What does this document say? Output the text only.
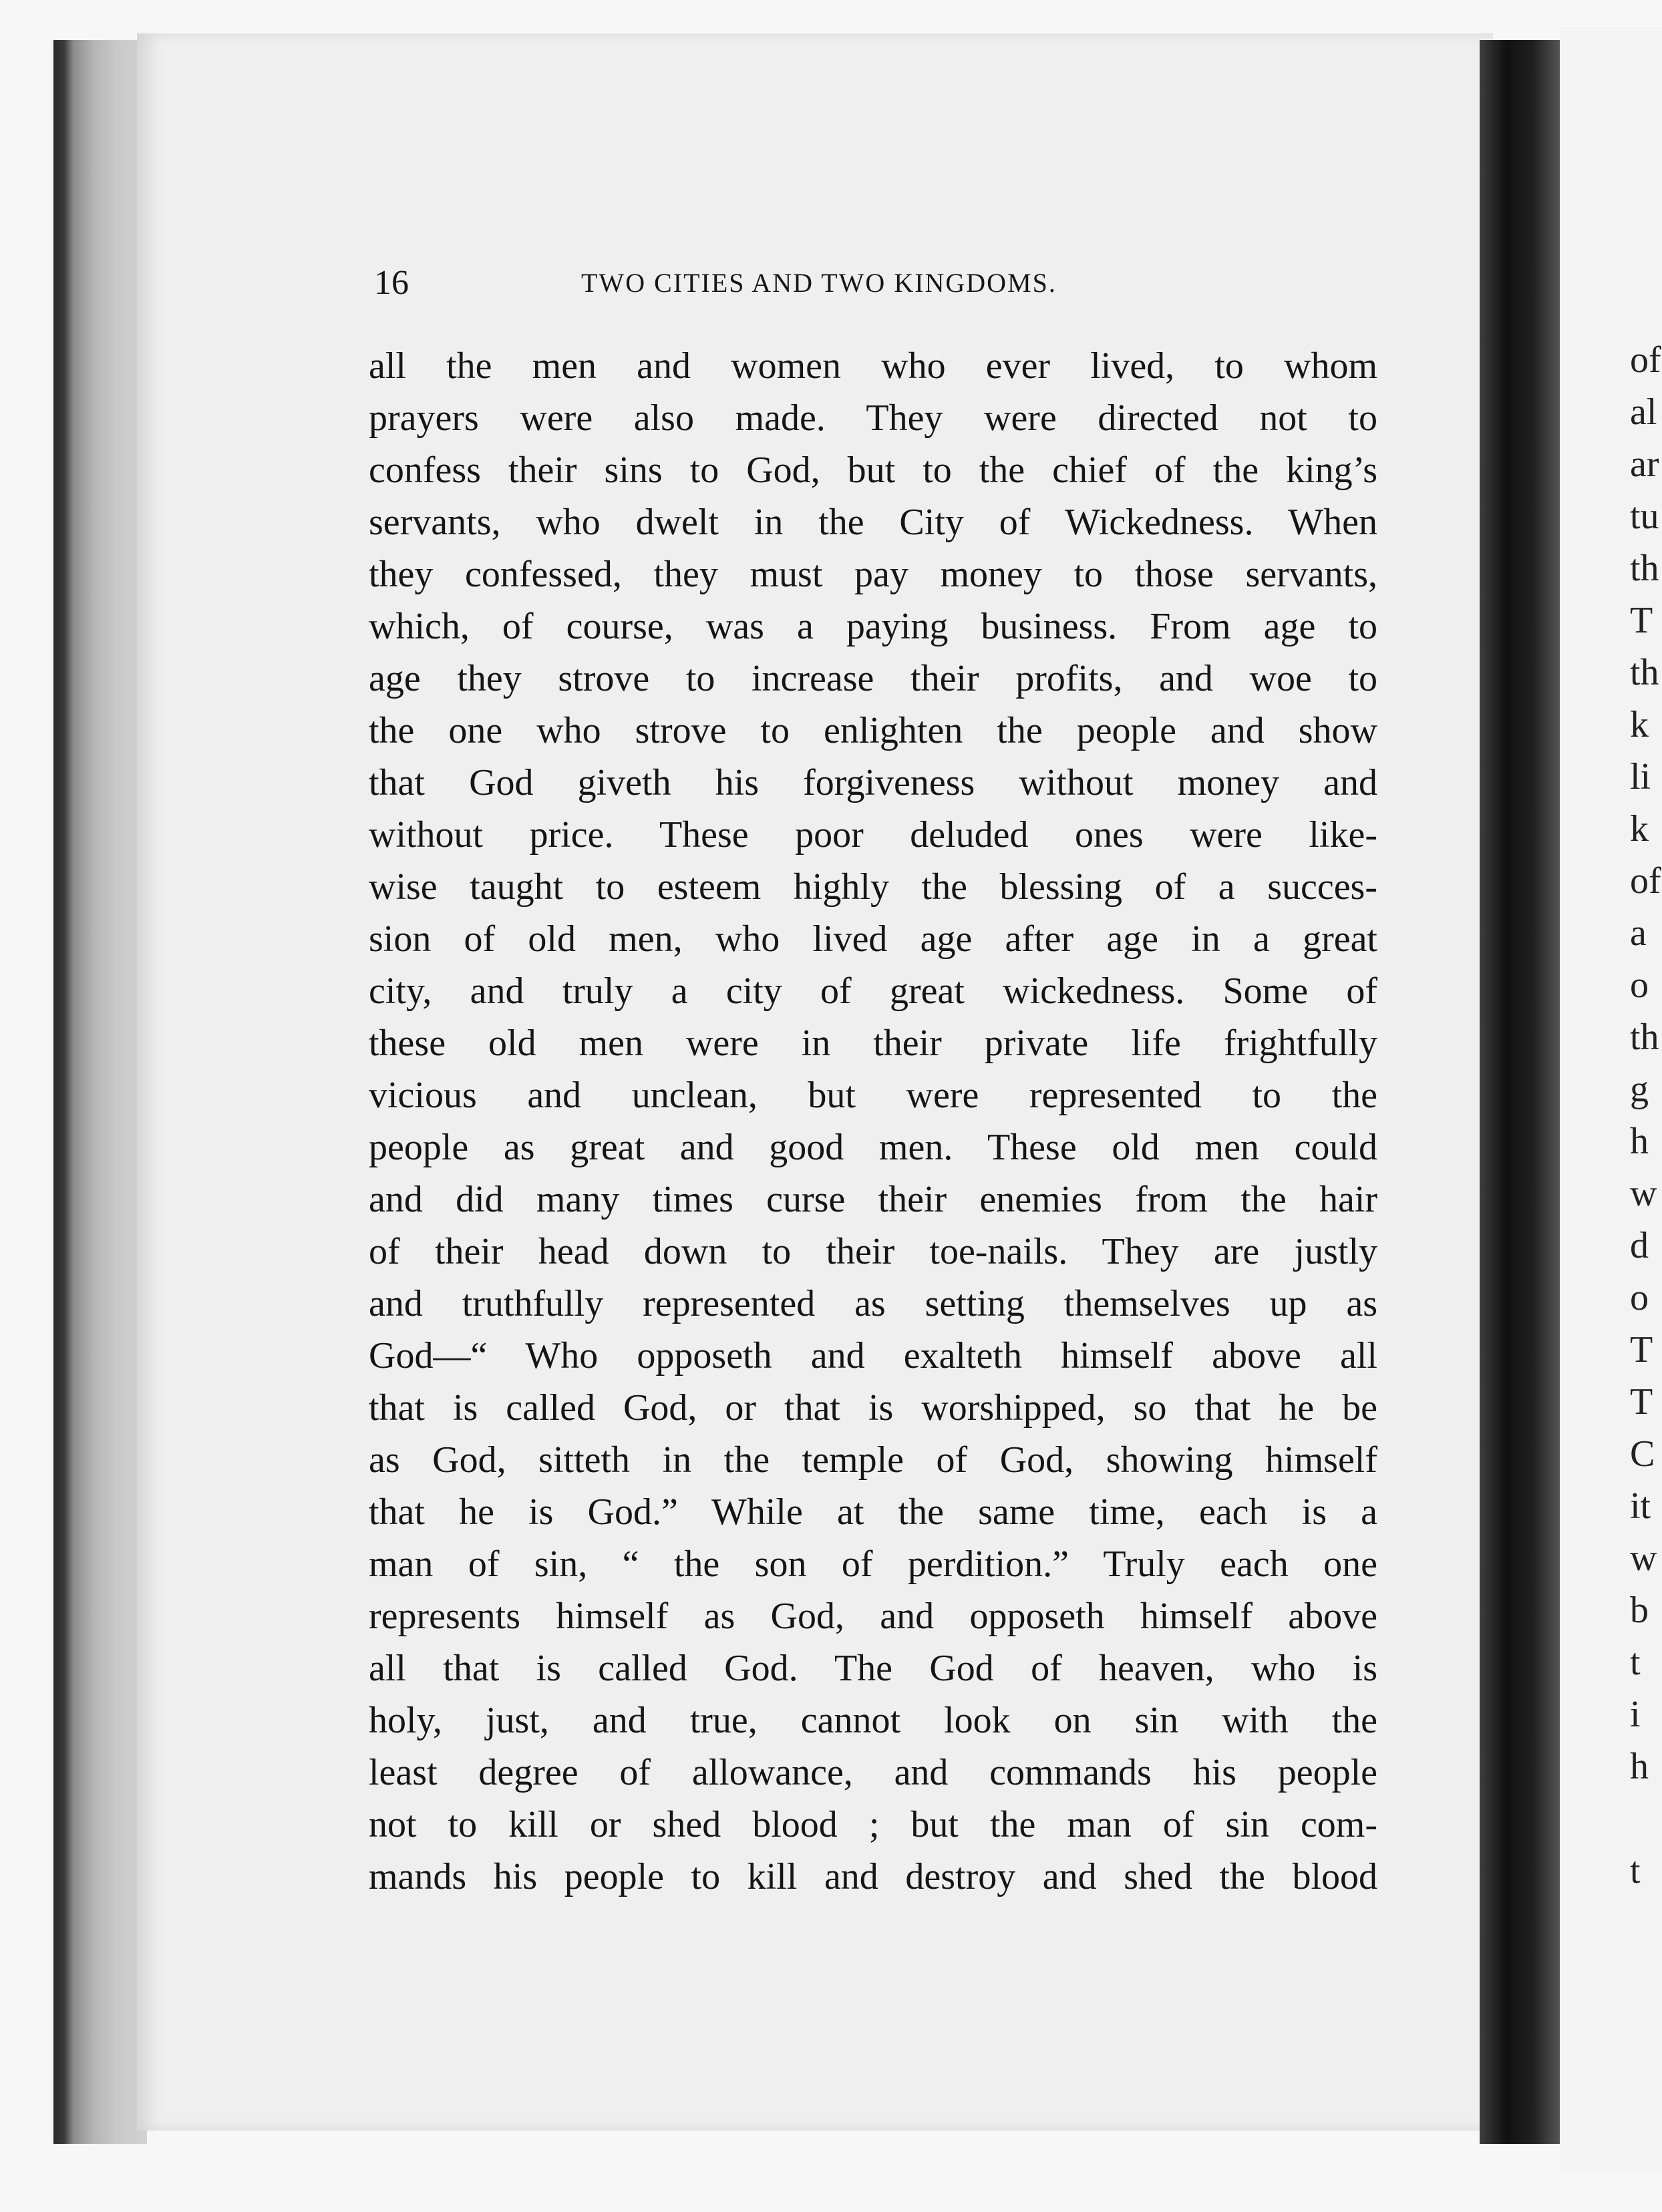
16	TWO CITIES AND TWO KINGDOMS.
all the men and women who ever lived, to whom
prayers were also made. They were directed not to
confess their sins to God, but to the chief of the king’s
servants, who dwelt in the City of Wickedness. When
they confessed, they must pay money to those servants,
which, of course, was a paying business. From age to
age they strove to increase their profits, and woe to
the one who strove to enlighten the people and show
that God giveth his forgiveness without money and
without price. These poor deluded ones were like-
wise taught to esteem highly the blessing of a succes-
sion of old men, who lived age after age in a great
city, and truly a city of great wickedness. Some of
these old men were in their private life frightfully
vicious and unclean, but were represented to the
people as great and good men. These old men could
and did many times curse their enemies from the hair
of their head down to their toe-nails. They are justly
and truthfully represented as setting themselves up as
God—“ Who opposeth and exalteth himself above all
that is called God, or that is worshipped, so that he be
as God, sitteth in the temple of God, showing himself
that he is God.” While at the same time, each is a
man of sin, “ the son of perdition.” Truly each one
represents himself as God, and opposeth himself above
all that is called God. The God of heaven, who is
holy, just, and true, cannot look on sin with the
least degree of allowance, and commands his people
not to kill or shed blood ; but the man of sin com-
mands his people to kill and destroy and shed the blood
of
al
ar
tu
th
T
th
k
li
k
of
a
o
th
g
h
w
d
o
T
T
C
it
w
b
t
i
h
t
